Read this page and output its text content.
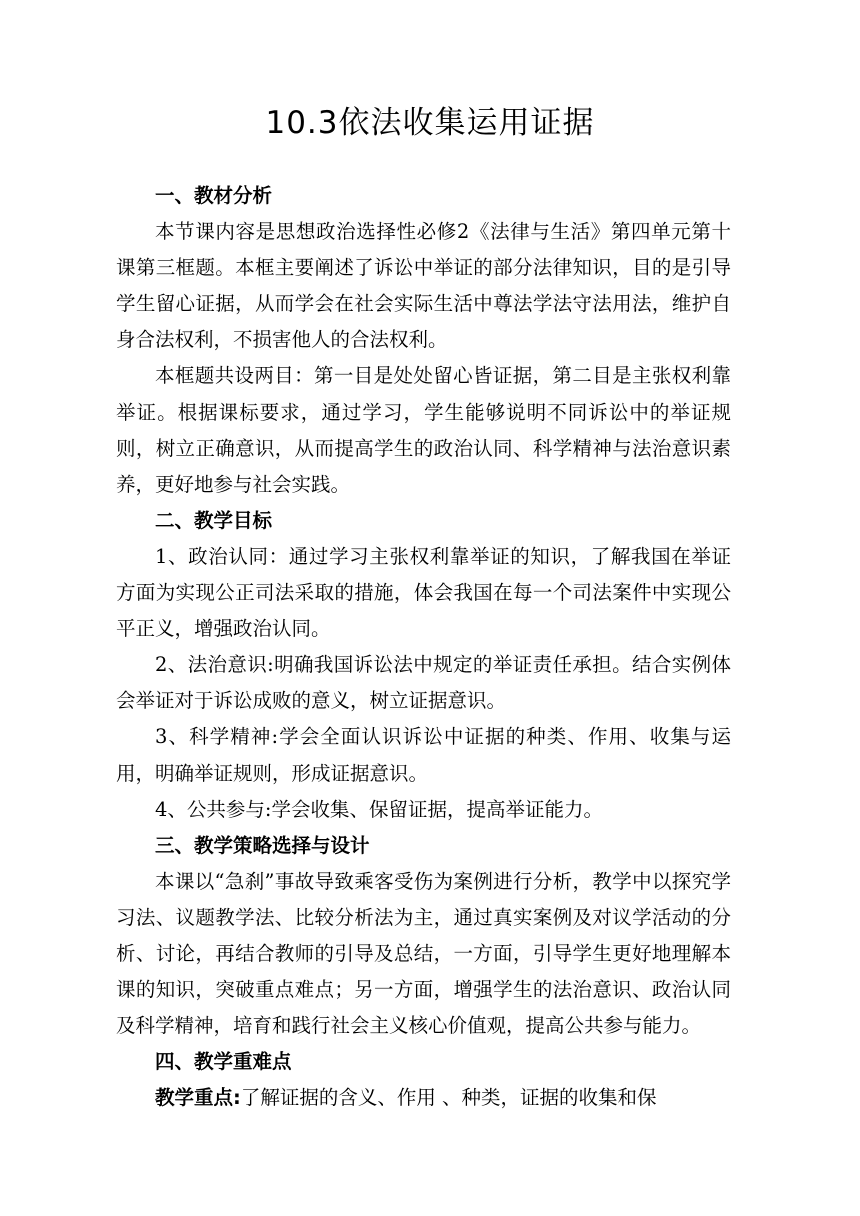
10.3依法收集运用证据
一、教材分析

本节课内容是思想政治选择性必修2《法律与生活》第四单元第十课第三框题。本框主要阐述了诉讼中举证的部分法律知识，目的是引导学生留心证据，从而学会在社会实际生活中尊法学法守法用法，维护自身合法权利，不损害他人的合法权利。

本框题共设两目：第一目是处处留心皆证据，第二目是主张权利靠举证。根据课标要求，通过学习，学生能够说明不同诉讼中的举证规则，树立正确意识，从而提高学生的政治认同、科学精神与法治意识素养，更好地参与社会实践。

二、教学目标

1、政治认同：通过学习主张权利靠举证的知识，了解我国在举证方面为实现公正司法采取的措施，体会我国在每一个司法案件中实现公平正义，增强政治认同。

2、法治意识:明确我国诉讼法中规定的举证责任承担。结合实例体会举证对于诉讼成败的意义，树立证据意识。

3、科学精神:学会全面认识诉讼中证据的种类、作用、收集与运用，明确举证规则，形成证据意识。

4、公共参与:学会收集、保留证据，提高举证能力。

三、教学策略选择与设计

本课以“急刹”事故导致乘客受伤为案例进行分析，教学中以探究学习法、议题教学法、比较分析法为主，通过真实案例及对议学活动的分析、讨论，再结合教师的引导及总结，一方面，引导学生更好地理解本课的知识，突破重点难点；另一方面，增强学生的法治意识、政治认同及科学精神，培育和践行社会主义核心价值观，提高公共参与能力。

四、教学重难点

教学重点:了解证据的含义、作用 、种类，证据的收集和保
